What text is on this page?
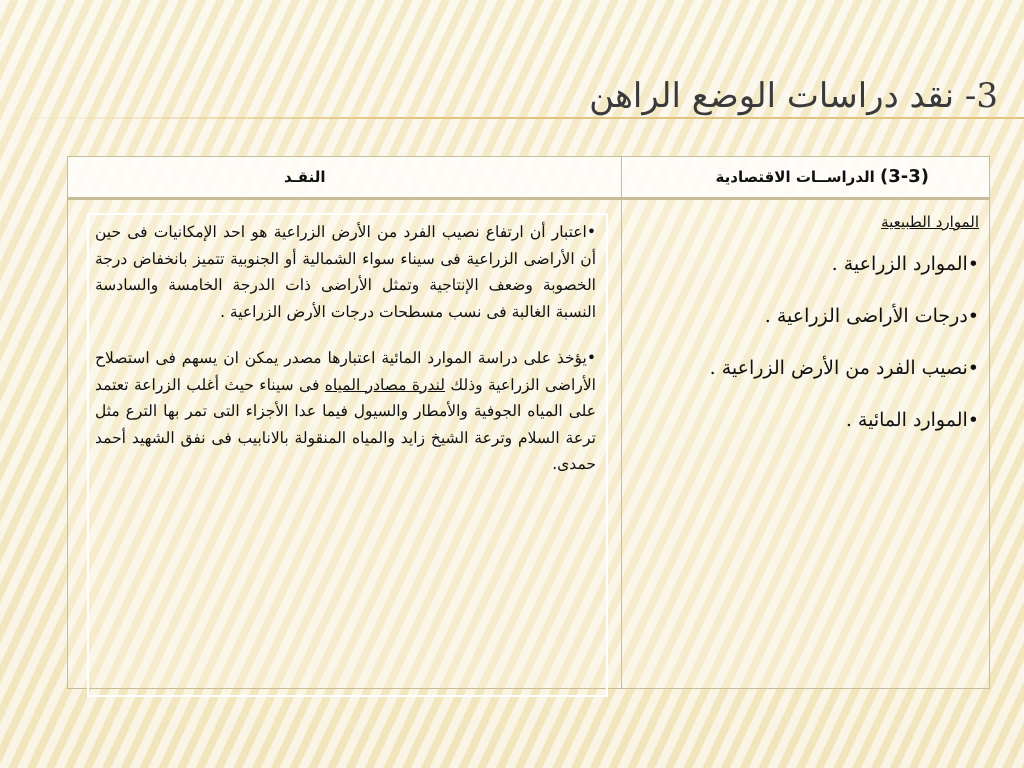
3- نقد دراسات الوضع الراهن
(3-3) الدراســات الاقتصادية
النقـد
الموارد الطبيعية
•الموارد الزراعية .
•درجات الأراضى الزراعية .
•نصيب الفرد من الأرض الزراعية .
•الموارد المائية .

•اعتبار أن ارتفاع نصيب الفرد من الأرض الزراعية هو احد الإمكانيات فى حين أن الأراضى الزراعية فى سيناء سواء الشمالية أو الجنوبية تتميز بانخفاض درجة الخصوبة وضعف الإنتاجية وتمثل الأراضى ذات الدرجة الخامسة والسادسة النسبة الغالبة فى نسب مسطحات درجات الأرض الزراعية .

•يؤخذ على دراسة الموارد المائية اعتبارها مصدر يمكن ان يسهم فى استصلاح الأراضى الزراعية وذلك لندرة مصادر المياه فى سيناء حيث أغلب الزراعة تعتمد على المياه الجوفية والأمطار والسيول فيما عدا الأجزاء التى تمر بها الترع مثل ترعة السلام وترعة الشيخ زايد والمياه المنقولة بالانابيب فى نفق الشهيد أحمد حمدى.
